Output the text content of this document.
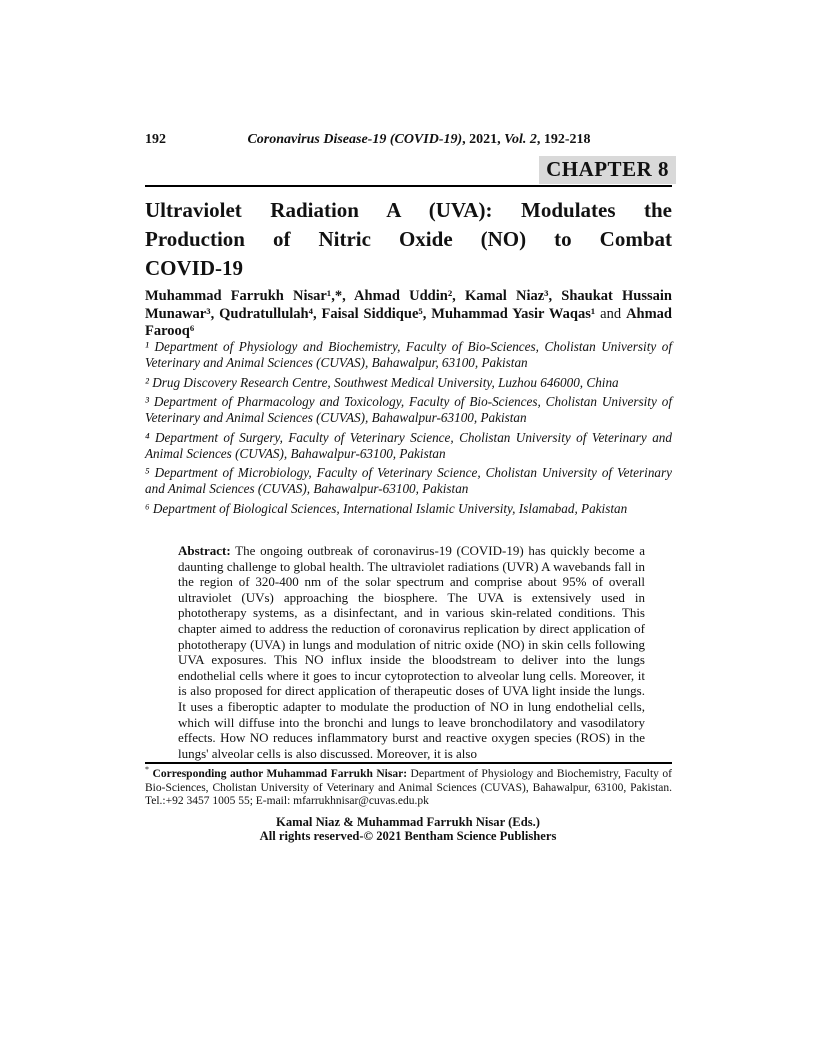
192	Coronavirus Disease-19 (COVID-19), 2021, Vol. 2, 192-218
CHAPTER 8
Ultraviolet Radiation A (UVA): Modulates the
Production of Nitric Oxide (NO) to Combat
COVID-19
Muhammad Farrukh Nisar¹,*, Ahmad Uddin², Kamal Niaz³, Shaukat Hussain Munawar³, Qudratullulah⁴, Faisal Siddique⁵, Muhammad Yasir Waqas¹ and Ahmad Farooq⁶

¹ Department of Physiology and Biochemistry, Faculty of Bio-Sciences, Cholistan University of Veterinary and Animal Sciences (CUVAS), Bahawalpur, 63100, Pakistan

² Drug Discovery Research Centre, Southwest Medical University, Luzhou 646000, China

³ Department of Pharmacology and Toxicology, Faculty of Bio-Sciences, Cholistan University of Veterinary and Animal Sciences (CUVAS), Bahawalpur-63100, Pakistan

⁴ Department of Surgery, Faculty of Veterinary Science, Cholistan University of Veterinary and Animal Sciences (CUVAS), Bahawalpur-63100, Pakistan

⁵ Department of Microbiology, Faculty of Veterinary Science, Cholistan University of Veterinary and Animal Sciences (CUVAS), Bahawalpur-63100, Pakistan

⁶ Department of Biological Sciences, International Islamic University, Islamabad, Pakistan

Abstract: The ongoing outbreak of coronavirus-19 (COVID-19) has quickly become a daunting challenge to global health. The ultraviolet radiations (UVR) A wavebands fall in the region of 320-400 nm of the solar spectrum and comprise about 95% of overall ultraviolet (UVs) approaching the biosphere. The UVA is extensively used in phototherapy systems, as a disinfectant, and in various skin-related conditions. This chapter aimed to address the reduction of coronavirus replication by direct application of phototherapy (UVA) in lungs and modulation of nitric oxide (NO) in skin cells following UVA exposures. This NO influx inside the bloodstream to deliver into the lungs endothelial cells where it goes to incur cytoprotection to alveolar lung cells. Moreover, it is also proposed for direct application of therapeutic doses of UVA light inside the lungs. It uses a fiberoptic adapter to modulate the production of NO in lung endothelial cells, which will diffuse into the bronchi and lungs to leave bronchodilatory and vasodilatory effects. How NO reduces inflammatory burst and reactive oxygen species (ROS) in the lungs' alveolar cells is also discussed. Moreover, it is also
* Corresponding author Muhammad Farrukh Nisar: Department of Physiology and Biochemistry, Faculty of Bio-Sciences, Cholistan University of Veterinary and Animal Sciences (CUVAS), Bahawalpur, 63100, Pakistan. Tel.:+92 3457 1005 55; E-mail: mfarrukhnisar@cuvas.edu.pk
Kamal Niaz & Muhammad Farrukh Nisar (Eds.)
All rights reserved-© 2021 Bentham Science Publishers
